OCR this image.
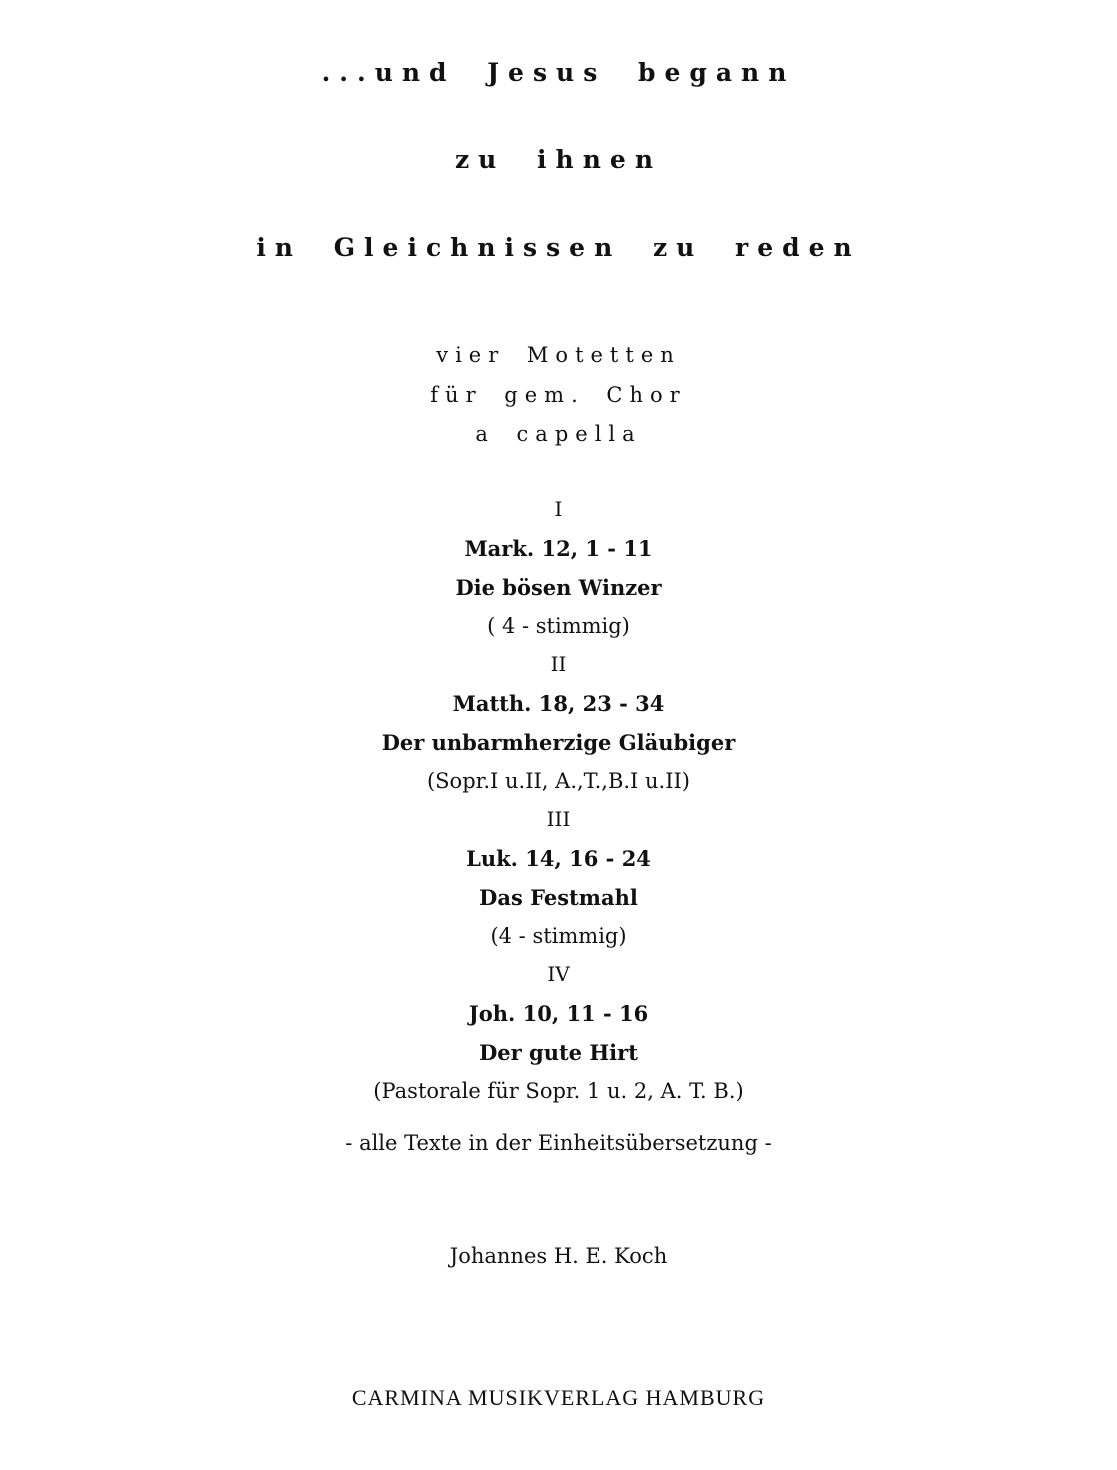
...und Jesus begann
zu ihnen
in Gleichnissen zu reden
vier Motetten
für gem. Chor
a capella
I
Mark. 12, 1 - 11
Die bösen Winzer
( 4 - stimmig)
II
Matth. 18, 23 - 34
Der unbarmherzige Gläubiger
(Sopr.I u.II, A.,T.,B.I u.II)
III
Luk. 14, 16 - 24
Das Festmahl
(4 - stimmig)
IV
Joh. 10, 11 - 16
Der gute Hirt
(Pastorale für Sopr. 1 u. 2, A. T. B.)
- alle Texte in der Einheitsübersetzung -
Johannes H. E. Koch
CARMINA MUSIKVERLAG HAMBURG
